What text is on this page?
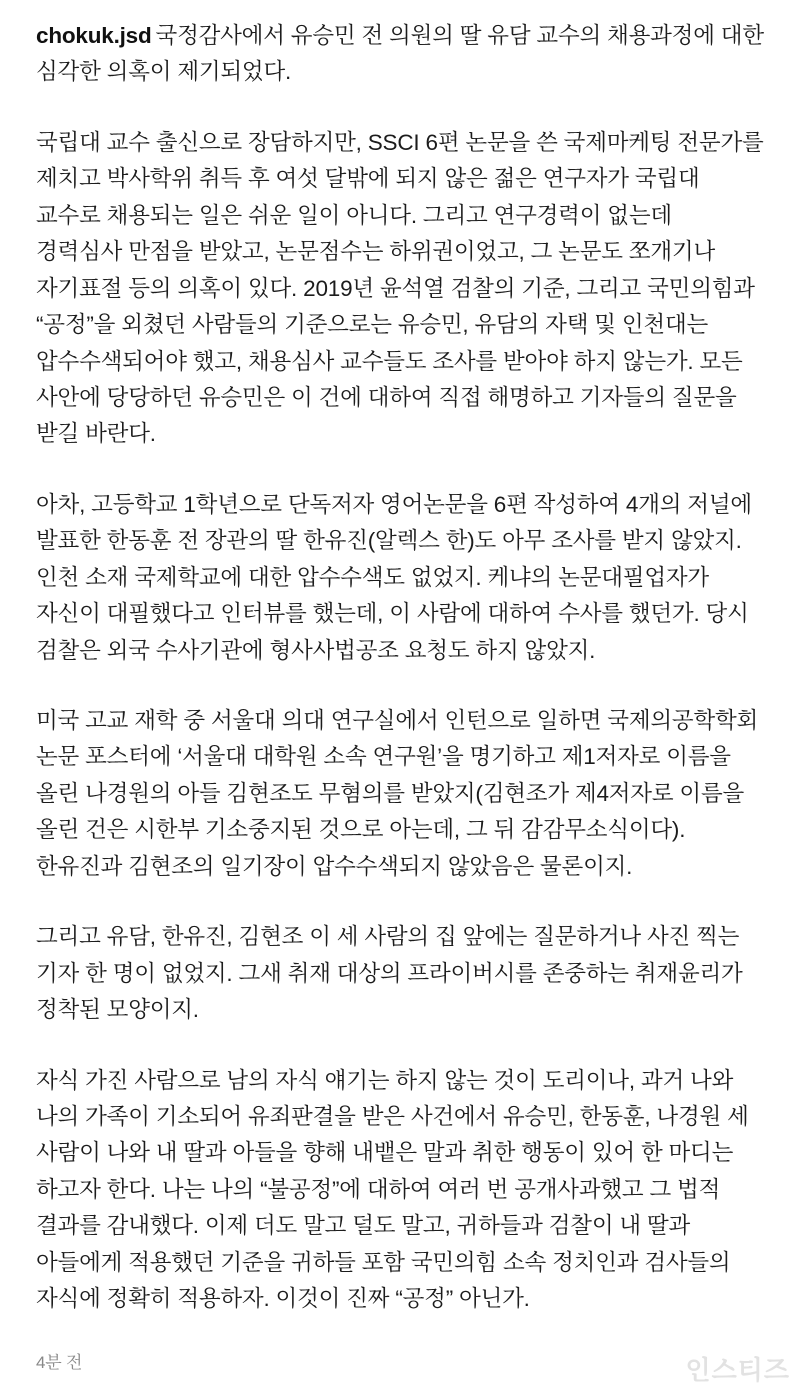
chokuk.jsd 국정감사에서 유승민 전 의원의 딸 유담 교수의 채용과정에 대한 심각한 의혹이 제기되었다.

국립대 교수 출신으로 장담하지만, SSCI 6편 논문을 쓴 국제마케팅 전문가를 제치고 박사학위 취득 후 여섯 달밖에 되지 않은 젊은 연구자가 국립대 교수로 채용되는 일은 쉬운 일이 아니다. 그리고 연구경력이 없는데 경력심사 만점을 받았고, 논문점수는 하위권이었고, 그 논문도 쪼개기나 자기표절 등의 의혹이 있다. 2019년 윤석열 검찰의 기준, 그리고 국민의힘과 “공정”을 외쳤던 사람들의 기준으로는 유승민, 유담의 자택 및 인천대는 압수수색되어야 했고, 채용심사 교수들도 조사를 받아야 하지 않는가. 모든 사안에 당당하던 유승민은 이 건에 대하여 직접 해명하고 기자들의 질문을 받길 바란다.

아차, 고등학교 1학년으로 단독저자 영어논문을 6편 작성하여 4개의 저널에 발표한 한동훈 전 장관의 딸 한유진(알렉스 한)도 아무 조사를 받지 않았지. 인천 소재 국제학교에 대한 압수수색도 없었지. 케냐의 논문대필업자가 자신이 대필했다고 인터뷰를 했는데, 이 사람에 대하여 수사를 했던가. 당시 검찰은 외국 수사기관에 형사사법공조 요청도 하지 않았지.

미국 고교 재학 중 서울대 의대 연구실에서 인턴으로 일하면 국제의공학학회 논문 포스터에 ‘서울대 대학원 소속 연구원’을 명기하고 제1저자로 이름을 올린 나경원의 아들 김현조도 무혐의를 받았지(김현조가 제4저자로 이름을 올린 건은 시한부 기소중지된 것으로 아는데, 그 뒤 감감무소식이다). 한유진과 김현조의 일기장이 압수수색되지 않았음은 물론이지.

그리고 유담, 한유진, 김현조 이 세 사람의 집 앞에는 질문하거나 사진 찍는 기자 한 명이 없었지. 그새 취재 대상의 프라이버시를 존중하는 취재윤리가 정착된 모양이지.

자식 가진 사람으로 남의 자식 얘기는 하지 않는 것이 도리이나, 과거 나와 나의 가족이 기소되어 유죄판결을 받은 사건에서 유승민, 한동훈, 나경원 세 사람이 나와 내 딸과 아들을 향해 내뱉은 말과 취한 행동이 있어 한 마디는 하고자 한다. 나는 나의 “불공정”에 대하여 여러 번 공개사과했고 그 법적 결과를 감내했다. 이제 더도 말고 덜도 말고, 귀하들과 검찰이 내 딸과 아들에게 적용했던 기준을 귀하들 포함 국민의힘 소속 정치인과 검사들의 자식에 정확히 적용하자. 이것이 진짜 “공정” 아닌가.

4분 전	인스티즈
